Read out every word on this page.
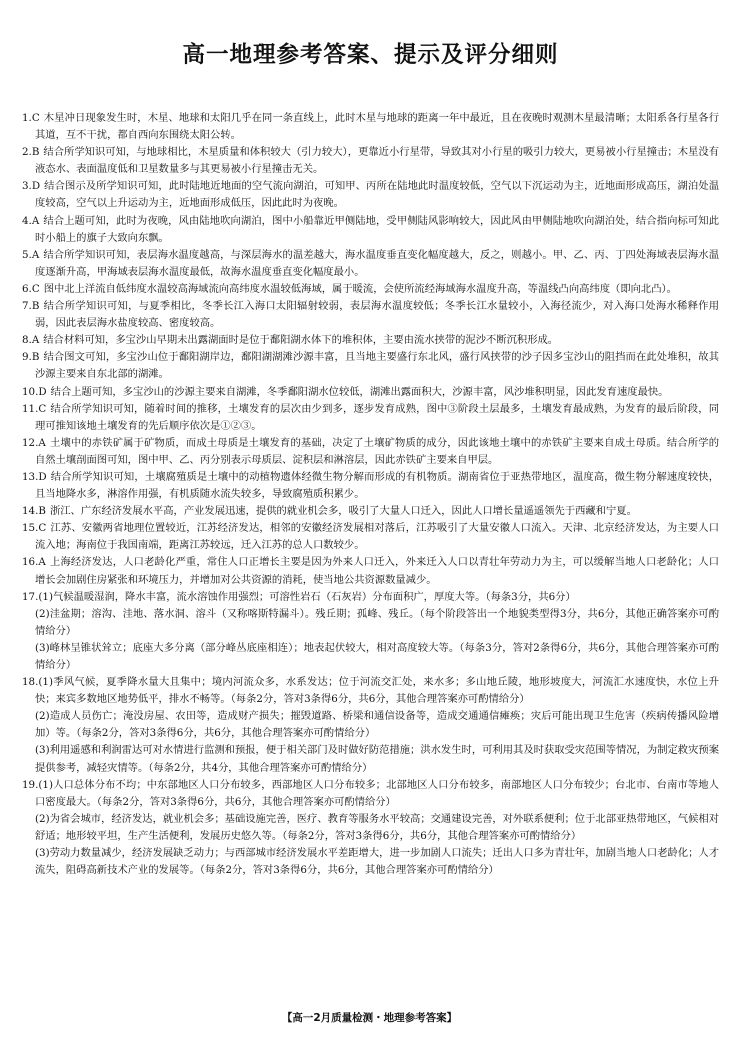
高一地理参考答案、提示及评分细则

1.C 木星冲日现象发生时，木星、地球和太阳几乎在同一条直线上，此时木星与地球的距离一年中最近，且在夜晚时观测木星最清晰；太阳系各行星各行其道，互不干扰，都自西向东围绕太阳公转。

2.B 结合所学知识可知，与地球相比，木星质量和体积较大（引力较大），更靠近小行星带，导致其对小行星的吸引力较大，更易被小行星撞击；木星没有液态水、表面温度低和卫星数量多与其更易被小行星撞击无关。

3.D 结合图示及所学知识可知，此时陆地近地面的空气流向湖泊，可知甲、丙所在陆地此时温度较低，空气以下沉运动为主，近地面形成高压，湖泊处温度较高，空气以上升运动为主，近地面形成低压，因此此时为夜晚。

4.A 结合上题可知，此时为夜晚，风由陆地吹向湖泊，图中小船靠近甲侧陆地，受甲侧陆风影响较大，因此风由甲侧陆地吹向湖泊处，结合指向标可知此时小船上的旗子大致向东飘。

5.A 结合所学知识可知，表层海水温度越高，与深层海水的温差越大，海水温度垂直变化幅度越大，反之，则越小。甲、乙、丙、丁四处海域表层海水温度逐渐升高，甲海域表层海水温度最低，故海水温度垂直变化幅度最小。

6.C 图中北上洋流自低纬度水温较高海域流向高纬度水温较低海域，属于暖流，会使所流经海域海水温度升高，等温线凸向高纬度（即向北凸）。

7.B 结合所学知识可知，与夏季相比，冬季长江入海口太阳辐射较弱，表层海水温度较低；冬季长江水量较小，入海径流少，对入海口处海水稀释作用弱，因此表层海水盐度较高、密度较高。

8.A 结合材料可知，多宝沙山早期未出露湖面时是位于鄱阳湖水体下的堆积体，主要由流水挟带的泥沙不断沉积形成。

9.B 结合图文可知，多宝沙山位于鄱阳湖岸边，鄱阳湖湖滩沙源丰富，且当地主要盛行东北风，盛行风挟带的沙子因多宝沙山的阻挡而在此处堆积，故其沙源主要来自东北部的湖滩。

10.D 结合上题可知，多宝沙山的沙源主要来自湖滩，冬季鄱阳湖水位较低，湖滩出露面积大，沙源丰富，风沙堆积明显，因此发育速度最快。

11.C 结合所学知识可知，随着时间的推移，土壤发育的层次由少到多，逐步发育成熟，图中③阶段土层最多，土壤发育最成熟，为发育的最后阶段，同理可推知该地土壤发育的先后顺序依次是①②③。

12.A 土壤中的赤铁矿属于矿物质，而成土母质是土壤发育的基础，决定了土壤矿物质的成分，因此该地土壤中的赤铁矿主要来自成土母质。结合所学的自然土壤剖面图可知，图中甲、乙、丙分别表示母质层、淀积层和淋溶层，因此赤铁矿主要来自甲层。

13.D 结合所学知识可知，土壤腐殖质是土壤中的动植物遗体经微生物分解而形成的有机物质。湖南省位于亚热带地区，温度高，微生物分解速度较快，且当地降水多，淋溶作用强，有机质随水流失较多，导致腐殖质积累少。

14.B 浙江、广东经济发展水平高，产业发展迅速，提供的就业机会多，吸引了大量人口迁入，因此人口增长量遥遥领先于西藏和宁夏。

15.C 江苏、安徽两省地理位置较近，江苏经济发达，相邻的安徽经济发展相对落后，江苏吸引了大量安徽人口流入。天津、北京经济发达，为主要人口流入地；海南位于我国南端，距离江苏较远，迁入江苏的总人口数较少。

16.A 上海经济发达，人口老龄化严重，常住人口正增长主要是因为外来人口迁入，外来迁入人口以青壮年劳动力为主，可以缓解当地人口老龄化；人口增长会加剧住房紧张和环境压力，并增加对公共资源的消耗，使当地公共资源数量减少。

17.(1)气候温暖湿润，降水丰富，流水溶蚀作用强烈；可溶性岩石（石灰岩）分布面积广，厚度大等。（每条3分，共6分）

(2)洼盆期；溶沟、洼地、落水洞、溶斗（又称喀斯特漏斗）。残丘期；孤峰、残丘。（每个阶段答出一个地貌类型得3分，共6分，其他正确答案亦可酌情给分）

(3)峰林呈锥状耸立；底座大多分离（部分峰丛底座相连）；地表起伏较大，相对高度较大等。（每条3分，答对2条得6分，共6分，其他合理答案亦可酌情给分）

18.(1)季风气候，夏季降水量大且集中；境内河流众多，水系发达；位于河流交汇处，来水多；多山地丘陵，地形坡度大，河流汇水速度快，水位上升快；来宾多数地区地势低平，排水不畅等。（每条2分，答对3条得6分，共6分，其他合理答案亦可酌情给分）

(2)造成人员伤亡；淹没房屋、农田等，造成财产损失；摧毁道路、桥梁和通信设备等，造成交通通信瘫痪；灾后可能出现卫生危害（疾病传播风险增加）等。（每条2分，答对3条得6分，共6分，其他合理答案亦可酌情给分）

(3)利用遥感和利润雷达可对水情进行监测和预报，便于相关部门及时做好防范措施；洪水发生时，可利用其及时获取受灾范围等情况，为制定救灾预案提供参考，减轻灾情等。（每条2分，共4分，其他合理答案亦可酌情给分）

19.(1)人口总体分布不均；中东部地区人口分布较多，西部地区人口分布较多；北部地区人口分布较多，南部地区人口分布较少；台北市、台南市等地人口密度最大。（每条2分，答对3条得6分，共6分，其他合理答案亦可酌情给分）

(2)为省会城市，经济发达，就业机会多；基础设施完善，医疗、教育等服务水平较高；交通建设完善，对外联系便利；位于北部亚热带地区，气候相对舒适；地形较平坦，生产生活便利，发展历史悠久等。（每条2分，答对3条得6分，共6分，其他合理答案亦可酌情给分）

(3)劳动力数量减少，经济发展缺乏动力；与西部城市经济发展水平差距增大，进一步加剧人口流失；迁出人口多为青壮年，加剧当地人口老龄化；人才流失，阻碍高新技术产业的发展等。（每条2分，答对3条得6分，共6分，其他合理答案亦可酌情给分）

【高一2月质量检测・地理参考答案】
